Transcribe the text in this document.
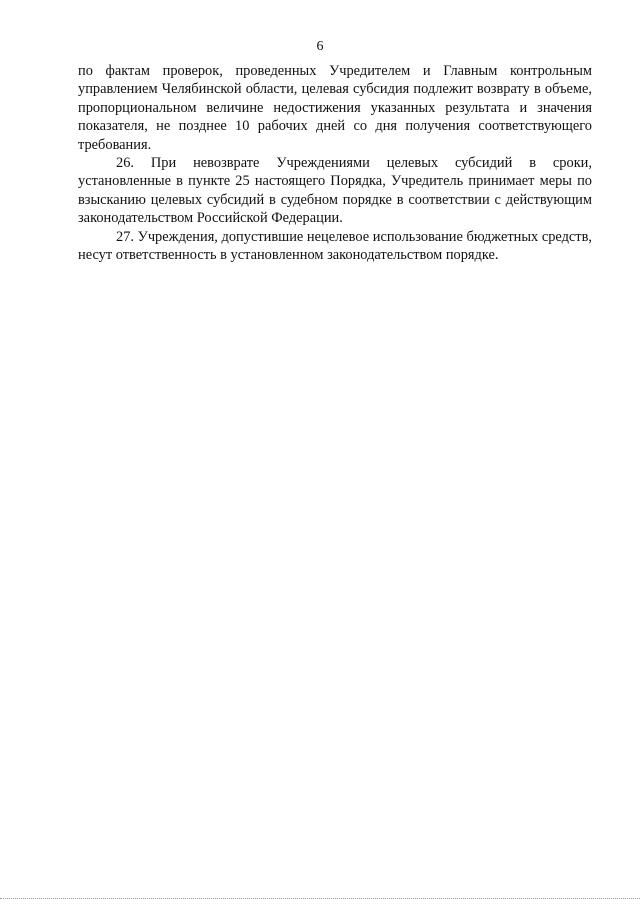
6

по фактам проверок, проведенных Учредителем и Главным контрольным управлением Челябинской области, целевая субсидия подлежит возврату в объеме, пропорциональном величине недостижения указанных результата и значения показателя, не позднее 10 рабочих дней со дня получения соответствующего требования.

26. При невозврате Учреждениями целевых субсидий в сроки, установленные в пункте 25 настоящего Порядка, Учредитель принимает меры по взысканию целевых субсидий в судебном порядке в соответствии с действующим законодательством Российской Федерации.

27. Учреждения, допустившие нецелевое использование бюджетных средств, несут ответственность в установленном законодательством порядке.
